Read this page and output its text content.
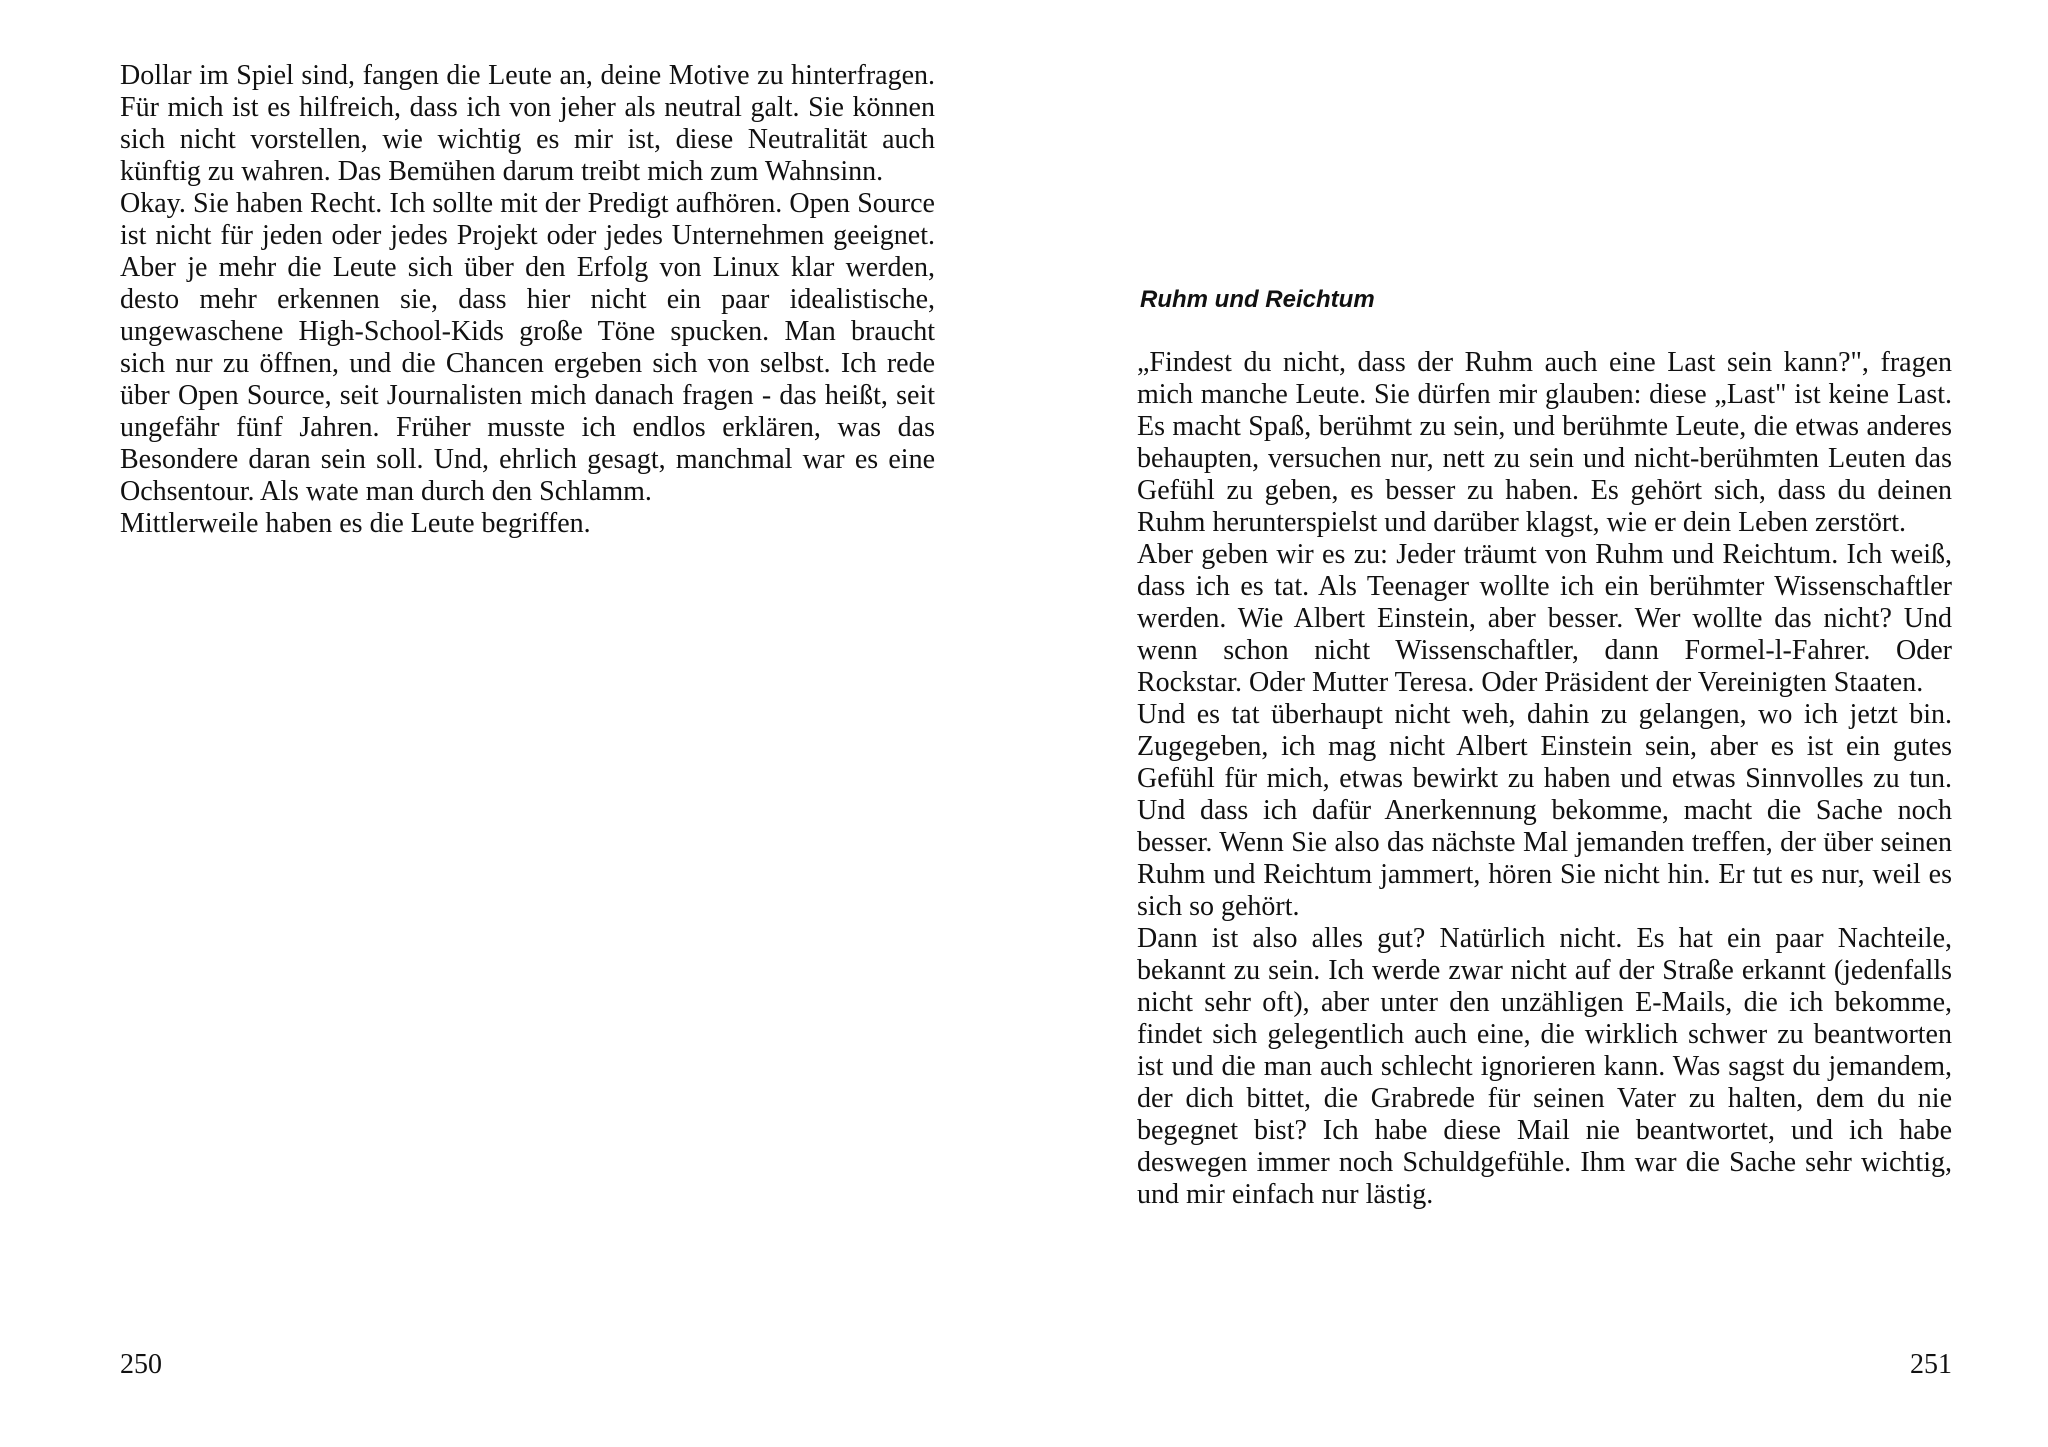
Dollar im Spiel sind, fangen die Leute an, deine Motive zu hinterfragen. Für mich ist es hilfreich, dass ich von jeher als neutral galt. Sie können sich nicht vorstellen, wie wichtig es mir ist, diese Neutralität auch künftig zu wahren. Das Bemühen darum treibt mich zum Wahnsinn.

Okay. Sie haben Recht. Ich sollte mit der Predigt aufhören. Open Source ist nicht für jeden oder jedes Projekt oder jedes Unternehmen geeignet. Aber je mehr die Leute sich über den Erfolg von Linux klar werden, desto mehr erkennen sie, dass hier nicht ein paar idealistische, ungewaschene High-School-Kids große Töne spucken. Man braucht sich nur zu öffnen, und die Chancen ergeben sich von selbst. Ich rede über Open Source, seit Journalisten mich danach fragen - das heißt, seit ungefähr fünf Jahren. Früher musste ich endlos erklären, was das Besondere daran sein soll. Und, ehrlich gesagt, manchmal war es eine Ochsentour. Als wate man durch den Schlamm.

Mittlerweile haben es die Leute begriffen.

250
Ruhm und Reichtum

„Findest du nicht, dass der Ruhm auch eine Last sein kann?", fragen mich manche Leute. Sie dürfen mir glauben: diese „Last" ist keine Last. Es macht Spaß, berühmt zu sein, und berühmte Leute, die etwas anderes behaupten, versuchen nur, nett zu sein und nicht-berühmten Leuten das Gefühl zu geben, es besser zu haben. Es gehört sich, dass du deinen Ruhm herunterspielst und darüber klagst, wie er dein Leben zerstört.

Aber geben wir es zu: Jeder träumt von Ruhm und Reichtum. Ich weiß, dass ich es tat. Als Teenager wollte ich ein berühmter Wissenschaftler werden. Wie Albert Einstein, aber besser. Wer wollte das nicht? Und wenn schon nicht Wissenschaftler, dann Formel-l-Fahrer. Oder Rockstar. Oder Mutter Teresa. Oder Präsident der Vereinigten Staaten.

Und es tat überhaupt nicht weh, dahin zu gelangen, wo ich jetzt bin. Zugegeben, ich mag nicht Albert Einstein sein, aber es ist ein gutes Gefühl für mich, etwas bewirkt zu haben und etwas Sinnvolles zu tun. Und dass ich dafür Anerkennung bekomme, macht die Sache noch besser. Wenn Sie also das nächste Mal jemanden treffen, der über seinen Ruhm und Reichtum jammert, hören Sie nicht hin. Er tut es nur, weil es sich so gehört.

Dann ist also alles gut? Natürlich nicht. Es hat ein paar Nachteile, bekannt zu sein. Ich werde zwar nicht auf der Straße erkannt (jedenfalls nicht sehr oft), aber unter den unzähligen E-Mails, die ich bekomme, findet sich gelegentlich auch eine, die wirklich schwer zu beantworten ist und die man auch schlecht ignorieren kann. Was sagst du jemandem, der dich bittet, die Grabrede für seinen Vater zu halten, dem du nie begegnet bist? Ich habe diese Mail nie beantwortet, und ich habe deswegen immer noch Schuldgefühle. Ihm war die Sache sehr wichtig, und mir einfach nur lästig.

251
